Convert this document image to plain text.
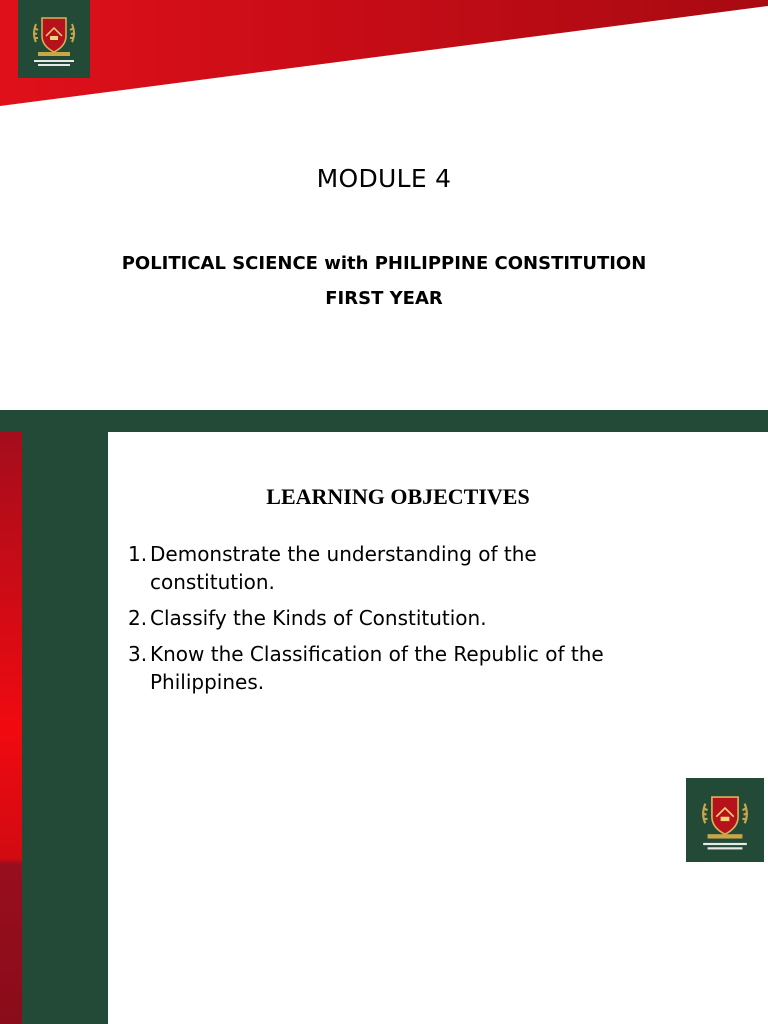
MODULE 4
POLITICAL SCIENCE with PHILIPPINE CONSTITUTION
FIRST YEAR
LEARNING OBJECTIVES
1. Demonstrate the understanding of the constitution.
2. Classify the Kinds of Constitution.
3. Know the Classification of the Republic of the Philippines.
